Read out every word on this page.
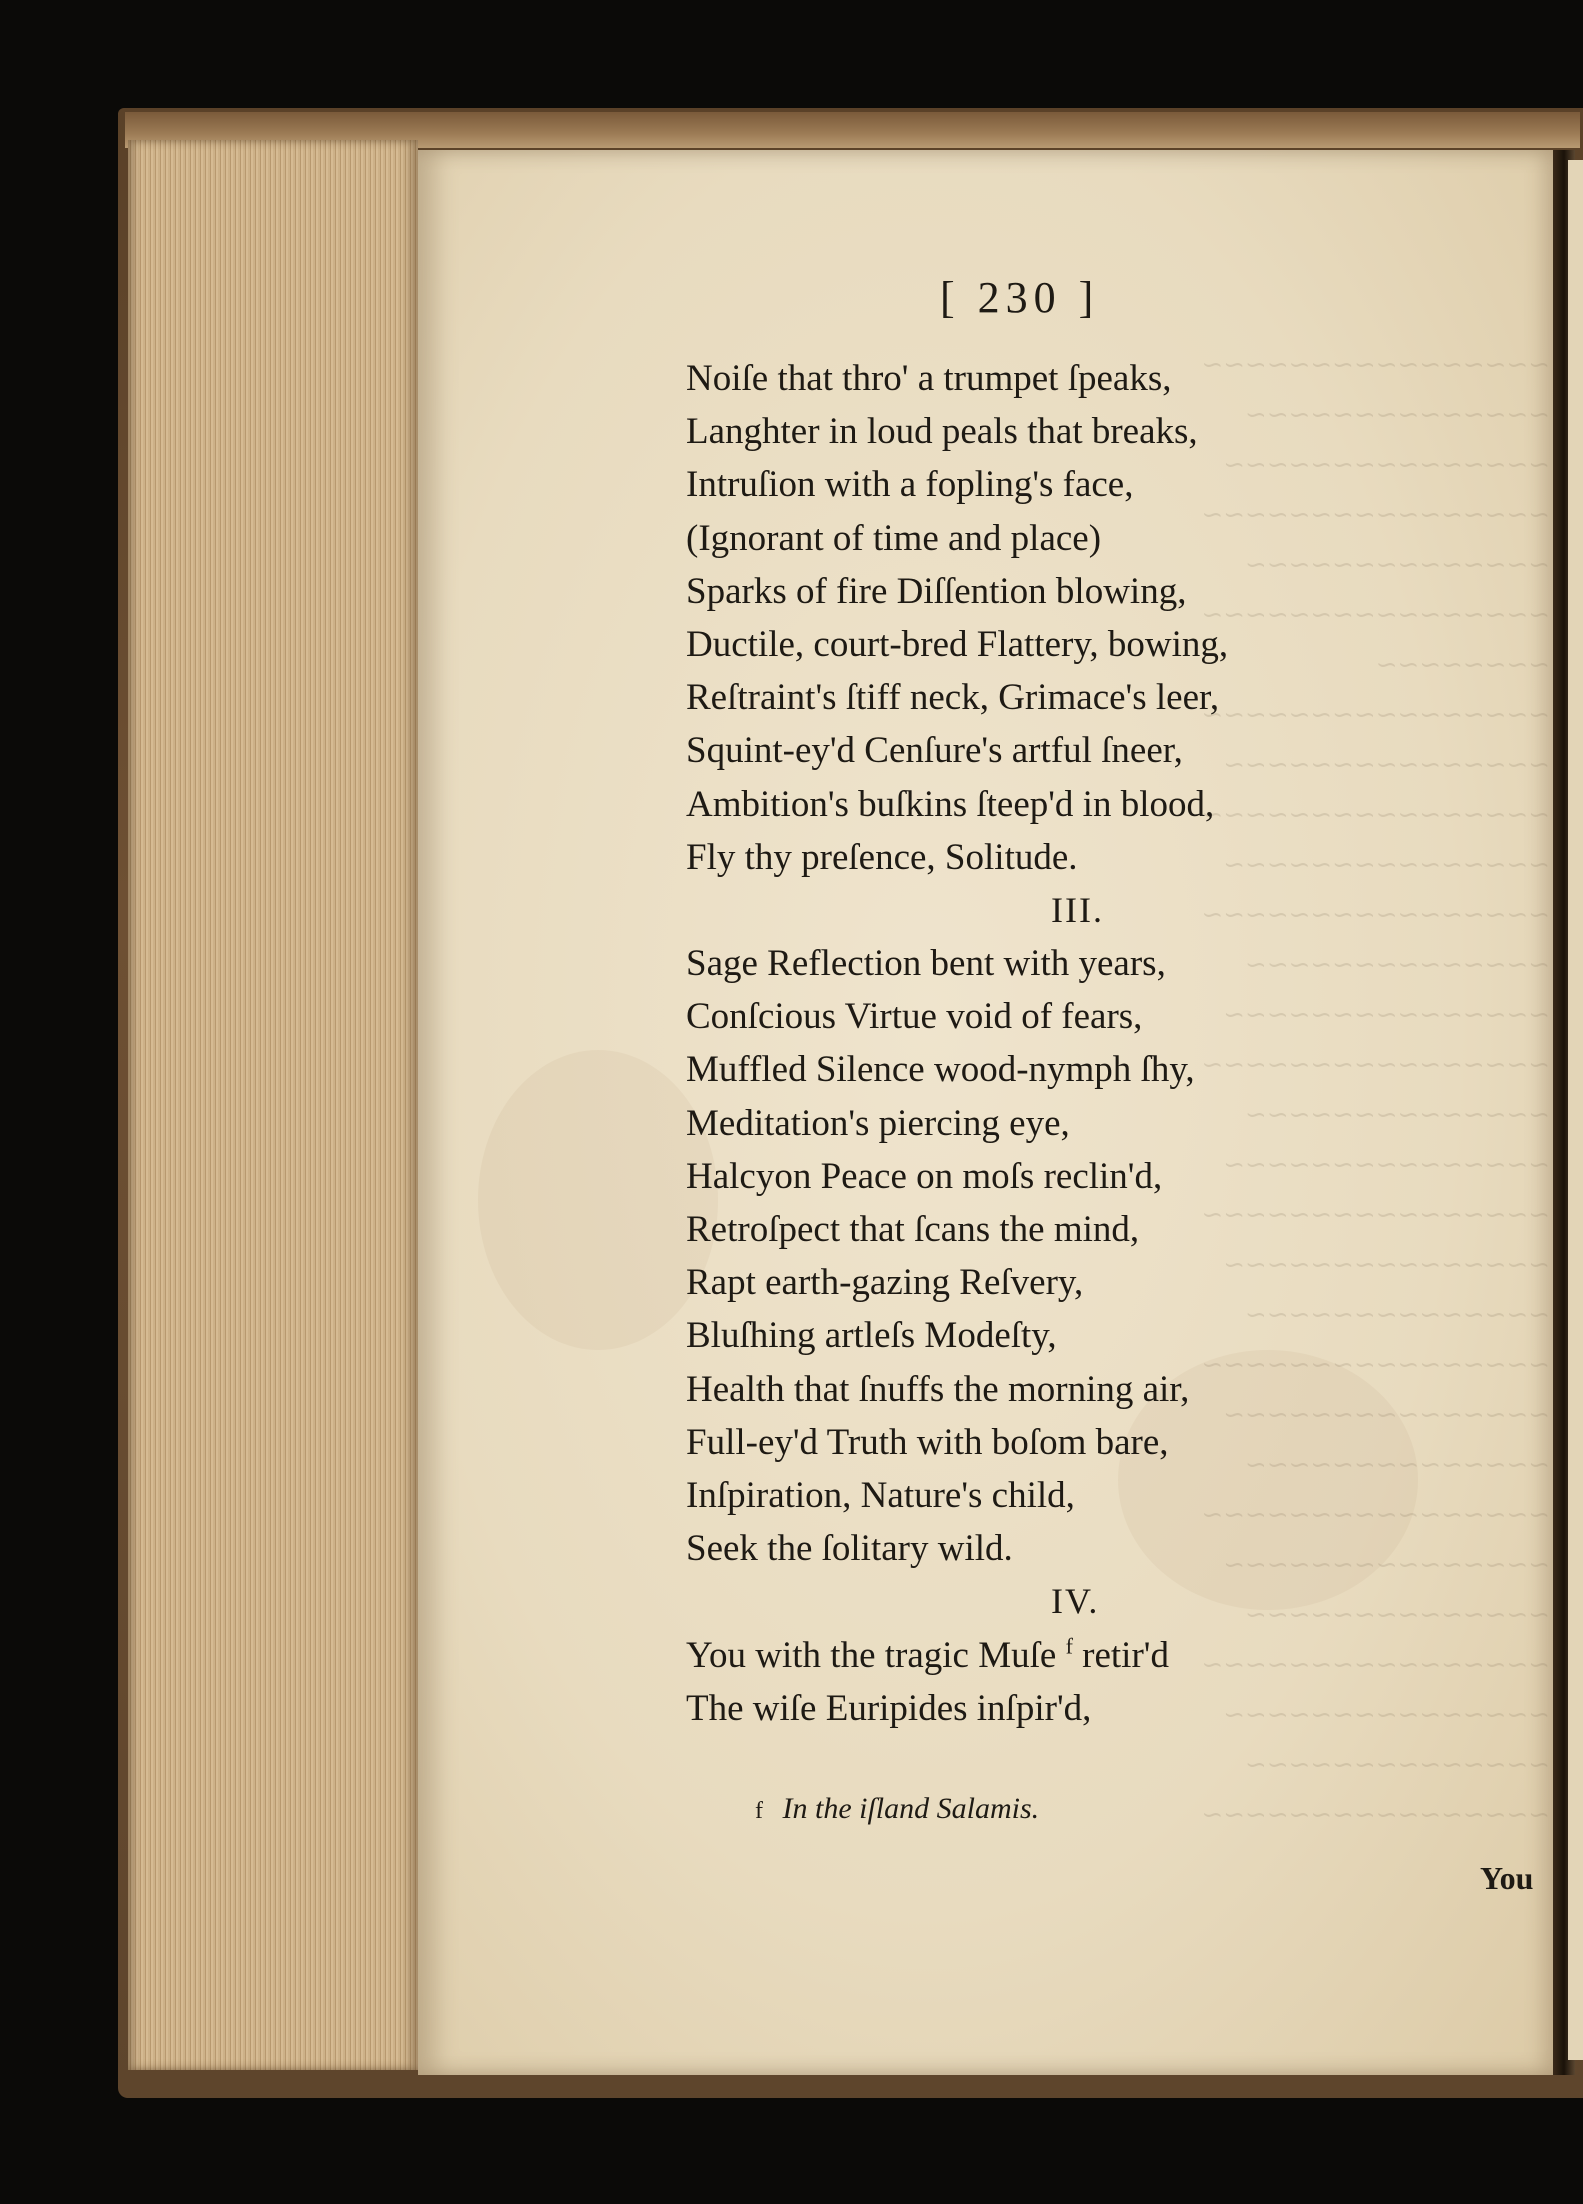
[ 230 ]
Noiſe that thro' a trumpet ſpeaks,
Langhter in loud peals that breaks,
Intruſion with a fopling's face,
(Ignorant of time and place)
Sparks of fire Diſſention blowing,
Ductile, court-bred Flattery, bowing,
Reſtraint's ſtiff neck, Grimace's leer,
Squint-ey'd Cenſure's artful ſneer,
Ambition's buſkins ſteep'd in blood,
Fly thy preſence, Solitude.
III.
Sage Reflection bent with years,
Conſcious Virtue void of fears,
Muffled Silence wood-nymph ſhy,
Meditation's piercing eye,
Halcyon Peace on moſs reclin'd,
Retroſpect that ſcans the mind,
Rapt earth-gazing Reſvery,
Bluſhing artleſs Modeſty,
Health that ſnuffs the morning air,
Full-ey'd Truth with boſom bare,
Inſpiration, Nature's child,
Seek the ſolitary wild.
IV.
You with the tragic Muſe $^f$ retir'd
The wiſe Euripides inſpir'd,
f In the iſland Salamis.
You
